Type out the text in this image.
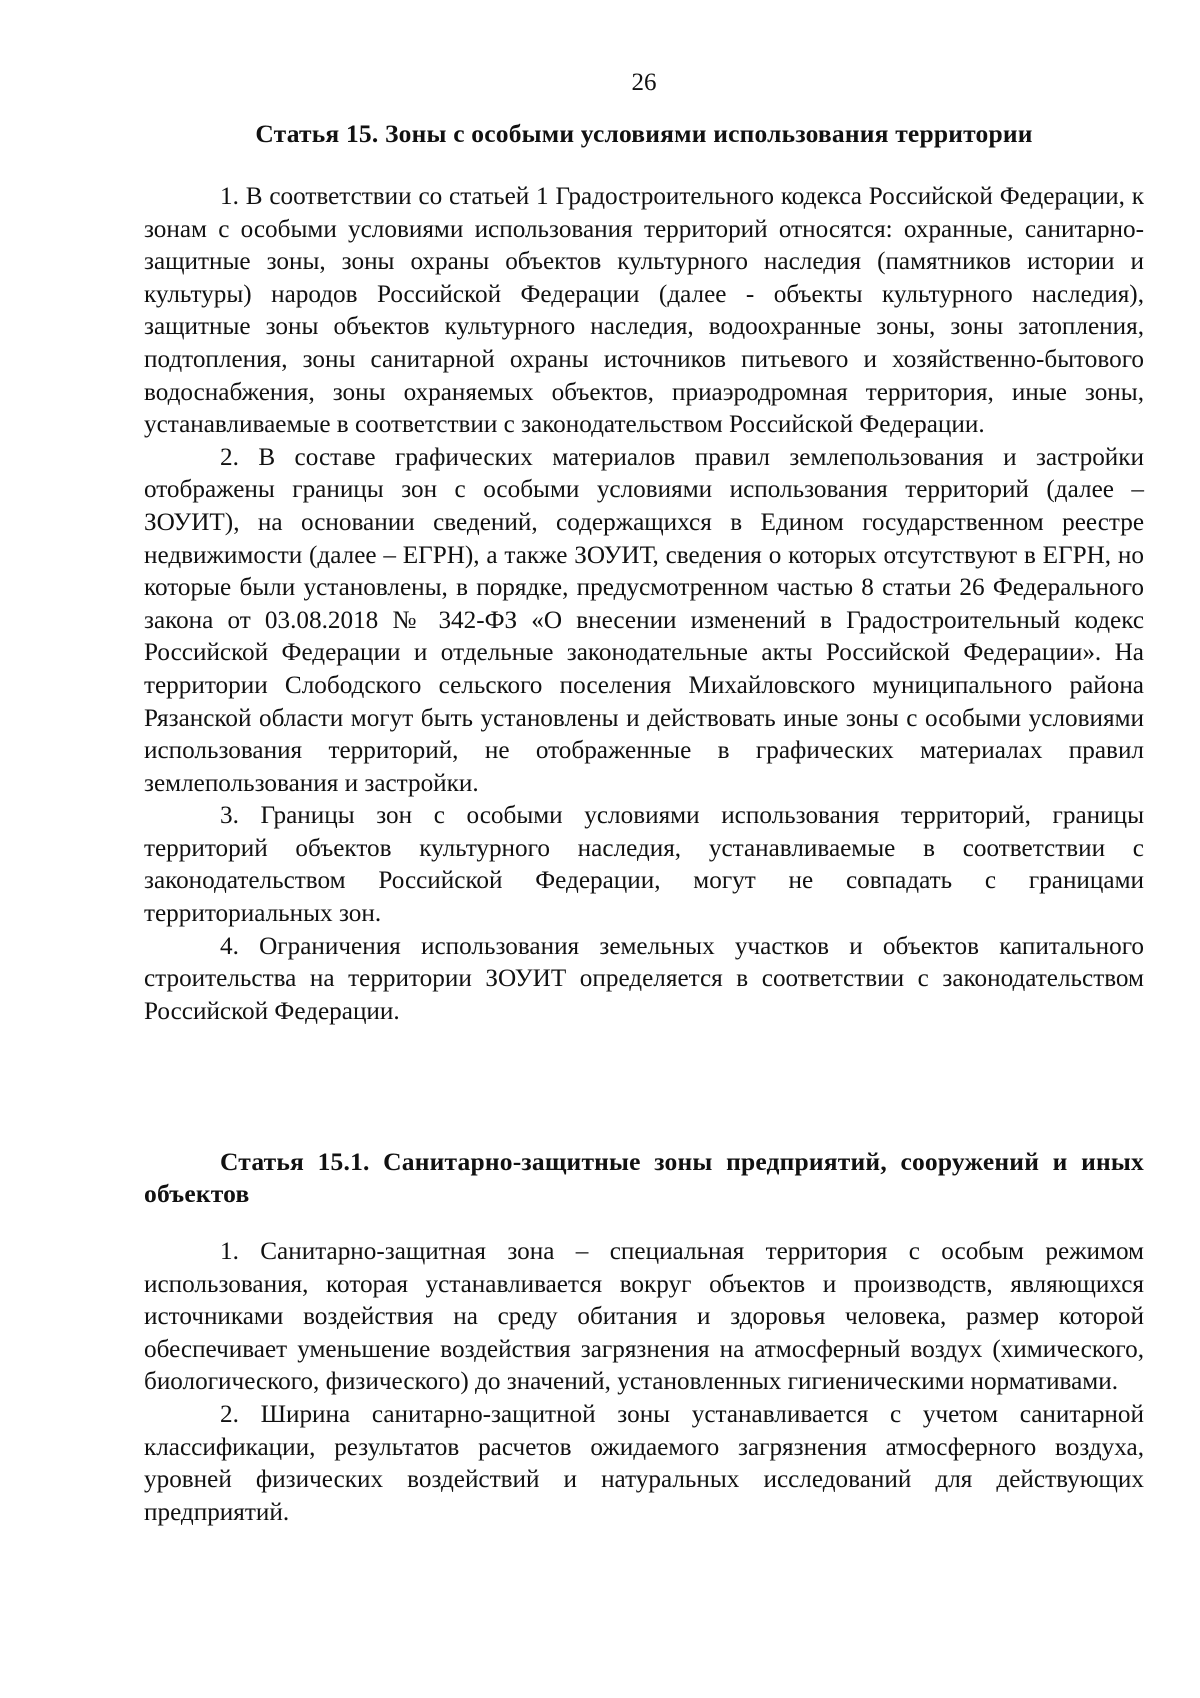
26
Статья 15. Зоны с особыми условиями использования территории

1. В соответствии со статьей 1 Градостроительного кодекса Российской Федерации, к зонам с особыми условиями использования территорий относятся: охранные, санитарно-защитные зоны, зоны охраны объектов культурного наследия (памятников истории и культуры) народов Российской Федерации (далее - объекты культурного наследия), защитные зоны объектов культурного наследия, водоохранные зоны, зоны затопления, подтопления, зоны санитарной охраны источников питьевого и хозяйственно-бытового водоснабжения, зоны охраняемых объектов, приаэродромная территория, иные зоны, устанавливаемые в соответствии с законодательством Российской Федерации.

2. В составе графических материалов правил землепользования и застройки отображены границы зон с особыми условиями использования территорий (далее – ЗОУИТ), на основании сведений, содержащихся в Едином государственном реестре недвижимости (далее – ЕГРН), а также ЗОУИТ, сведения о которых отсутствуют в ЕГРН, но которые были установлены, в порядке, предусмотренном частью 8 статьи 26 Федерального закона от 03.08.2018 № 342-ФЗ «О внесении изменений в Градостроительный кодекс Российской Федерации и отдельные законодательные акты Российской Федерации». На территории Слободского сельского поселения Михайловского муниципального района Рязанской области могут быть установлены и действовать иные зоны с особыми условиями использования территорий, не отображенные в графических материалах правил землепользования и застройки.

3. Границы зон с особыми условиями использования территорий, границы территорий объектов культурного наследия, устанавливаемые в соответствии с законодательством Российской Федерации, могут не совпадать с границами территориальных зон.

4. Ограничения использования земельных участков и объектов капитального строительства на территории ЗОУИТ определяется в соответствии с законодательством Российской Федерации.

Статья 15.1. Санитарно-защитные зоны предприятий, сооружений и иных объектов

1. Санитарно-защитная зона – специальная территория с особым режимом использования, которая устанавливается вокруг объектов и производств, являющихся источниками воздействия на среду обитания и здоровья человека, размер которой обеспечивает уменьшение воздействия загрязнения на атмосферный воздух (химического, биологического, физического) до значений, установленных гигиеническими нормативами.

2. Ширина санитарно-защитной зоны устанавливается с учетом санитарной классификации, результатов расчетов ожидаемого загрязнения атмосферного воздуха, уровней физических воздействий и натуральных исследований для действующих предприятий.
